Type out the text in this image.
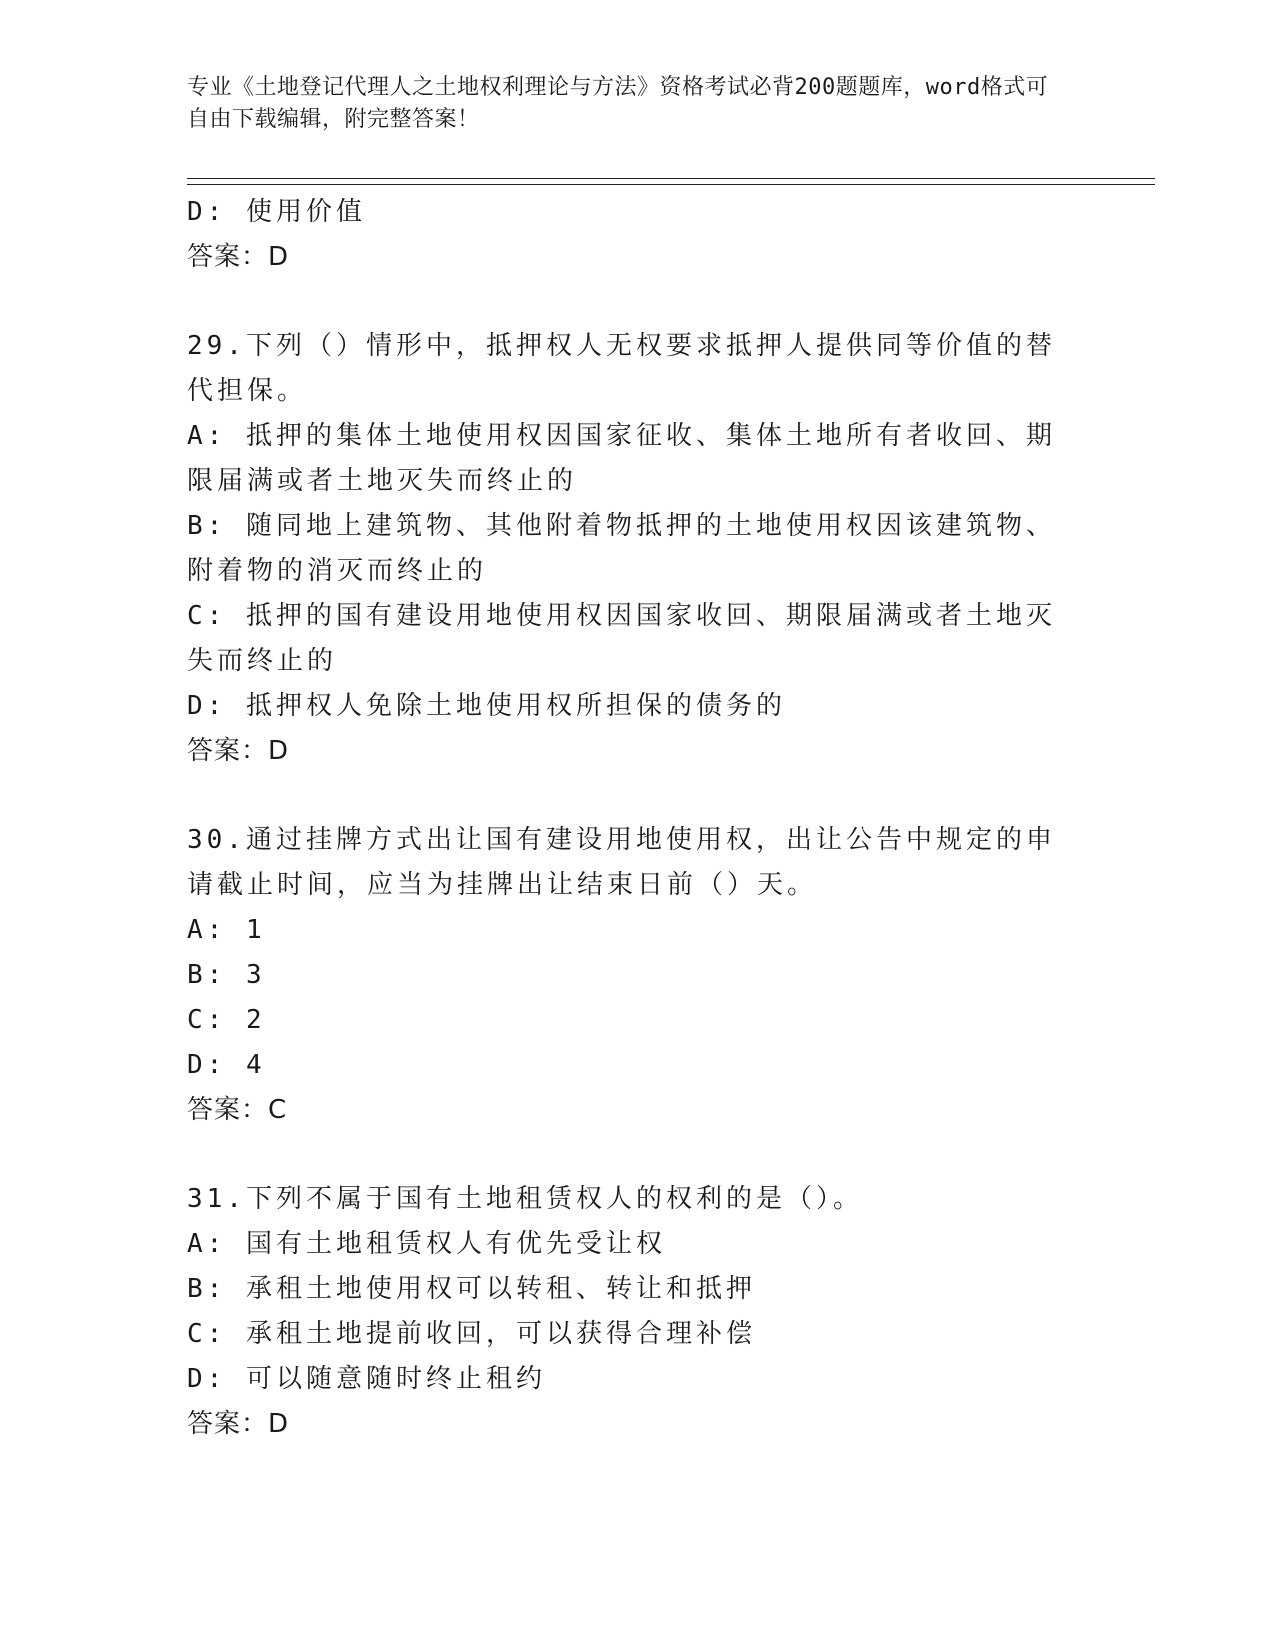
专业《土地登记代理人之土地权利理论与方法》资格考试必背200题题库，word格式可自由下载编辑，附完整答案！

D: 使用价值

答案：D

29.下列（）情形中，抵押权人无权要求抵押人提供同等价值的替代担保。

A: 抵押的集体土地使用权因国家征收、集体土地所有者收回、期限届满或者土地灭失而终止的

B: 随同地上建筑物、其他附着物抵押的土地使用权因该建筑物、附着物的消灭而终止的

C: 抵押的国有建设用地使用权因国家收回、期限届满或者土地灭失而终止的

D: 抵押权人免除土地使用权所担保的债务的

答案：D

30.通过挂牌方式出让国有建设用地使用权，出让公告中规定的申请截止时间，应当为挂牌出让结束日前（）天。

A: 1

B: 3

C: 2

D: 4

答案：C

31.下列不属于国有土地租赁权人的权利的是（）。

A: 国有土地租赁权人有优先受让权

B: 承租土地使用权可以转租、转让和抵押

C: 承租土地提前收回，可以获得合理补偿

D: 可以随意随时终止租约

答案：D
